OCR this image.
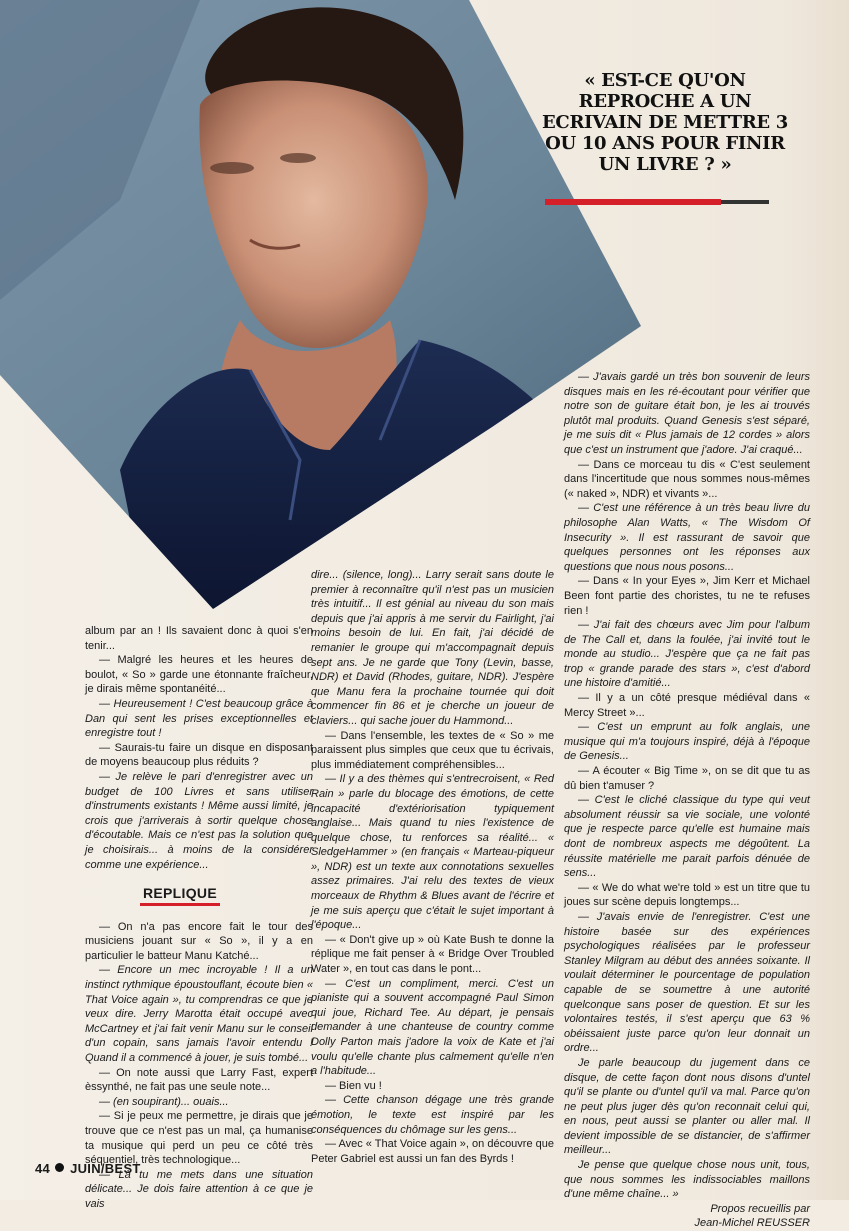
« EST-CE QU'ON REPROCHE A UN ECRIVAIN DE METTRE 3 OU 10 ANS POUR FINIR UN LIVRE ? »

album par an ! Ils savaient donc à quoi s'en tenir...

— Malgré les heures et les heures de boulot, « So » garde une étonnante fraîcheur, je dirais même spontanéité...

— Heureusement ! C'est beaucoup grâce à Dan qui sent les prises exceptionnelles et enregistre tout !

— Saurais-tu faire un disque en disposant de moyens beaucoup plus réduits ?

— Je relève le pari d'enregistrer avec un budget de 100 Livres et sans utiliser d'instruments existants ! Même aussi limité, je crois que j'arriverais à sortir quelque chose d'écoutable. Mais ce n'est pas la solution que je choisirais... à moins de la considérer comme une expérience...

REPLIQUE

— On n'a pas encore fait le tour des musiciens jouant sur « So », il y a en particulier le batteur Manu Katché...

— Encore un mec incroyable ! Il a un instinct rythmique époustouflant, écoute bien « That Voice again », tu comprendras ce que je veux dire. Jerry Marotta était occupé avec McCartney et j'ai fait venir Manu sur le conseil d'un copain, sans jamais l'avoir entendu ! Quand il a commencé à jouer, je suis tombé...

— On note aussi que Larry Fast, expert èssynthé, ne fait pas une seule note...

— (en soupirant)... ouais...

— Si je peux me permettre, je dirais que je trouve que ce n'est pas un mal, ça humanise ta musique qui perd un peu ce côté très séquentiel, très technologique...

— Là tu me mets dans une situation délicate... Je dois faire attention à ce que je vais

dire... (silence, long)... Larry serait sans doute le premier à reconnaître qu'il n'est pas un musicien très intuitif... Il est génial au niveau du son mais depuis que j'ai appris à me servir du Fairlight, j'ai moins besoin de lui. En fait, j'ai décidé de remanier le groupe qui m'accompagnait depuis sept ans. Je ne garde que Tony (Levin, basse, NDR) et David (Rhodes, guitare, NDR). J'espère que Manu fera la prochaine tournée qui doit commencer fin 86 et je cherche un joueur de claviers... qui sache jouer du Hammond...

— Dans l'ensemble, les textes de « So » me paraissent plus simples que ceux que tu écrivais, plus immédiatement compréhensibles...

— Il y a des thèmes qui s'entrecroisent, « Red Rain » parle du blocage des émotions, de cette incapacité d'extériorisation typiquement anglaise... Mais quand tu nies l'existence de quelque chose, tu renforces sa réalité... « SledgeHammer » (en français « Marteau-piqueur », NDR) est un texte aux connotations sexuelles assez primaires. J'ai relu des textes de vieux morceaux de Rhythm & Blues avant de l'écrire et je me suis aperçu que c'était le sujet important à l'époque...

— « Don't give up » où Kate Bush te donne la réplique me fait penser à « Bridge Over Troubled Water », en tout cas dans le pont...

— C'est un compliment, merci. C'est un pianiste qui a souvent accompagné Paul Simon qui joue, Richard Tee. Au départ, je pensais demander à une chanteuse de country comme Dolly Parton mais j'adore la voix de Kate et j'ai voulu qu'elle chante plus calmement qu'elle n'en a l'habitude...

— Bien vu !

— Cette chanson dégage une très grande émotion, le texte est inspiré par les conséquences du chômage sur les gens...

— Avec « That Voice again », on découvre que Peter Gabriel est aussi un fan des Byrds !

— J'avais gardé un très bon souvenir de leurs disques mais en les ré-écoutant pour vérifier que notre son de guitare était bon, je les ai trouvés plutôt mal produits. Quand Genesis s'est séparé, je me suis dit « Plus jamais de 12 cordes » alors que c'est un instrument que j'adore. J'ai craqué...

— Dans ce morceau tu dis « C'est seulement dans l'incertitude que nous sommes nous-mêmes (« naked », NDR) et vivants »...

— C'est une référence à un très beau livre du philosophe Alan Watts, « The Wisdom Of Insecurity ». Il est rassurant de savoir que quelques personnes ont les réponses aux questions que nous nous posons...

— Dans « In your Eyes », Jim Kerr et Michael Been font partie des choristes, tu ne te refuses rien !

— J'ai fait des chœurs avec Jim pour l'album de The Call et, dans la foulée, j'ai invité tout le monde au studio... J'espère que ça ne fait pas trop « grande parade des stars », c'est d'abord une histoire d'amitié...

— Il y a un côté presque médiéval dans « Mercy Street »...

— C'est un emprunt au folk anglais, une musique qui m'a toujours inspiré, déjà à l'époque de Genesis...

— A écouter « Big Time », on se dit que tu as dû bien t'amuser ?

— C'est le cliché classique du type qui veut absolument réussir sa vie sociale, une volonté que je respecte parce qu'elle est humaine mais dont de nombreux aspects me dégoûtent. La réussite matérielle me parait parfois dénuée de sens...

— « We do what we're told » est un titre que tu joues sur scène depuis longtemps...

— J'avais envie de l'enregistrer. C'est une histoire basée sur des expériences psychologiques réalisées par le professeur Stanley Milgram au début des années soixante. Il voulait déterminer le pourcentage de population capable de se soumettre à une autorité quelconque sans poser de question. Et sur les volontaires testés, il s'est aperçu que 63 % obéissaient juste parce qu'on leur donnait un ordre...

Je parle beaucoup du jugement dans ce disque, de cette façon dont nous disons d'untel qu'il se plante ou d'untel qu'il va mal. Parce qu'on ne peut plus juger dès qu'on reconnait celui qui, en nous, peut aussi se planter ou aller mal. Il devient impossible de se distancier, de s'affirmer meilleur...

Je pense que quelque chose nous unit, tous, que nous sommes les indissociables maillons d'une même chaîne... »

Propos recueillis par

Jean-Michel REUSSER

44 JUIN/BEST
